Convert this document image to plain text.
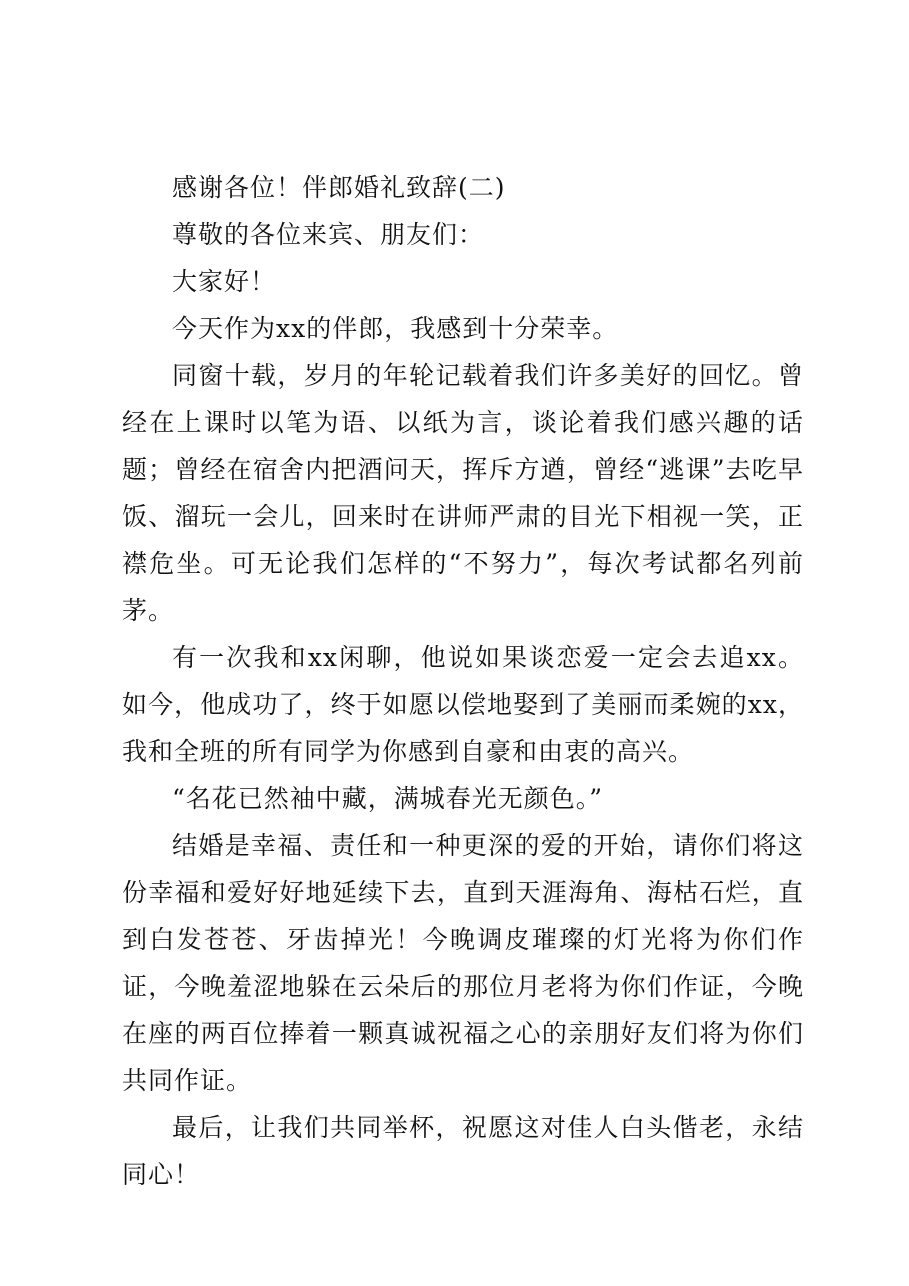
感谢各位！伴郎婚礼致辞(二)

尊敬的各位来宾、朋友们：

大家好！

今天作为xx的伴郎，我感到十分荣幸。

同窗十载，岁月的年轮记载着我们许多美好的回忆。曾经在上课时以笔为语、以纸为言，谈论着我们感兴趣的话题；曾经在宿舍内把酒问天，挥斥方遒，曾经“逃课”去吃早饭、溜玩一会儿，回来时在讲师严肃的目光下相视一笑，正襟危坐。可无论我们怎样的“不努力”，每次考试都名列前茅。

有一次我和xx闲聊，他说如果谈恋爱一定会去追xx。如今，他成功了，终于如愿以偿地娶到了美丽而柔婉的xx，我和全班的所有同学为你感到自豪和由衷的高兴。

“名花已然袖中藏，满城春光无颜色。”

结婚是幸福、责任和一种更深的爱的开始，请你们将这份幸福和爱好好地延续下去，直到天涯海角、海枯石烂，直到白发苍苍、牙齿掉光！今晚调皮璀璨的灯光将为你们作证，今晚羞涩地躲在云朵后的那位月老将为你们作证，今晚在座的两百位捧着一颗真诚祝福之心的亲朋好友们将为你们共同作证。

最后，让我们共同举杯，祝愿这对佳人白头偕老，永结同心！
